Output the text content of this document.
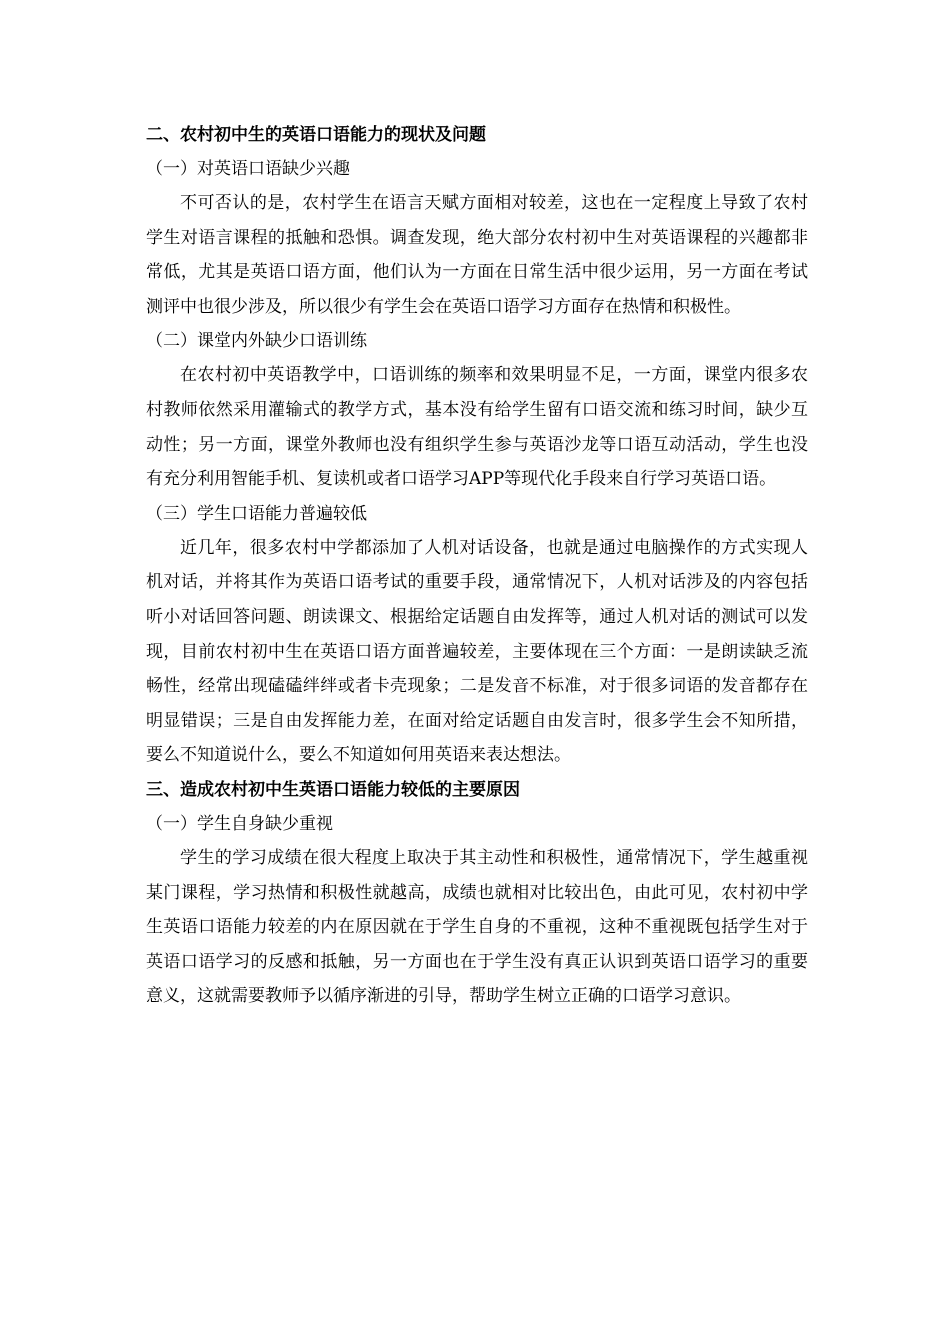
二、农村初中生的英语口语能力的现状及问题
（一）对英语口语缺少兴趣

不可否认的是，农村学生在语言天赋方面相对较差，这也在一定程度上导致了农村学生对语言课程的抵触和恐惧。调查发现，绝大部分农村初中生对英语课程的兴趣都非常低，尤其是英语口语方面，他们认为一方面在日常生活中很少运用，另一方面在考试测评中也很少涉及，所以很少有学生会在英语口语学习方面存在热情和积极性。

（二）课堂内外缺少口语训练

在农村初中英语教学中，口语训练的频率和效果明显不足，一方面，课堂内很多农村教师依然采用灌输式的教学方式，基本没有给学生留有口语交流和练习时间，缺少互动性；另一方面，课堂外教师也没有组织学生参与英语沙龙等口语互动活动，学生也没有充分利用智能手机、复读机或者口语学习APP等现代化手段来自行学习英语口语。

（三）学生口语能力普遍较低

近几年，很多农村中学都添加了人机对话设备，也就是通过电脑操作的方式实现人机对话，并将其作为英语口语考试的重要手段，通常情况下，人机对话涉及的内容包括听小对话回答问题、朗读课文、根据给定话题自由发挥等，通过人机对话的测试可以发现，目前农村初中生在英语口语方面普遍较差，主要体现在三个方面：一是朗读缺乏流畅性，经常出现磕磕绊绊或者卡壳现象；二是发音不标准，对于很多词语的发音都存在明显错误；三是自由发挥能力差，在面对给定话题自由发言时，很多学生会不知所措，要么不知道说什么，要么不知道如何用英语来表达想法。

三、造成农村初中生英语口语能力较低的主要原因
（一）学生自身缺少重视

学生的学习成绩在很大程度上取决于其主动性和积极性，通常情况下，学生越重视某门课程，学习热情和积极性就越高，成绩也就相对比较出色，由此可见，农村初中学生英语口语能力较差的内在原因就在于学生自身的不重视，这种不重视既包括学生对于英语口语学习的反感和抵触，另一方面也在于学生没有真正认识到英语口语学习的重要意义，这就需要教师予以循序渐进的引导，帮助学生树立正确的口语学习意识。
